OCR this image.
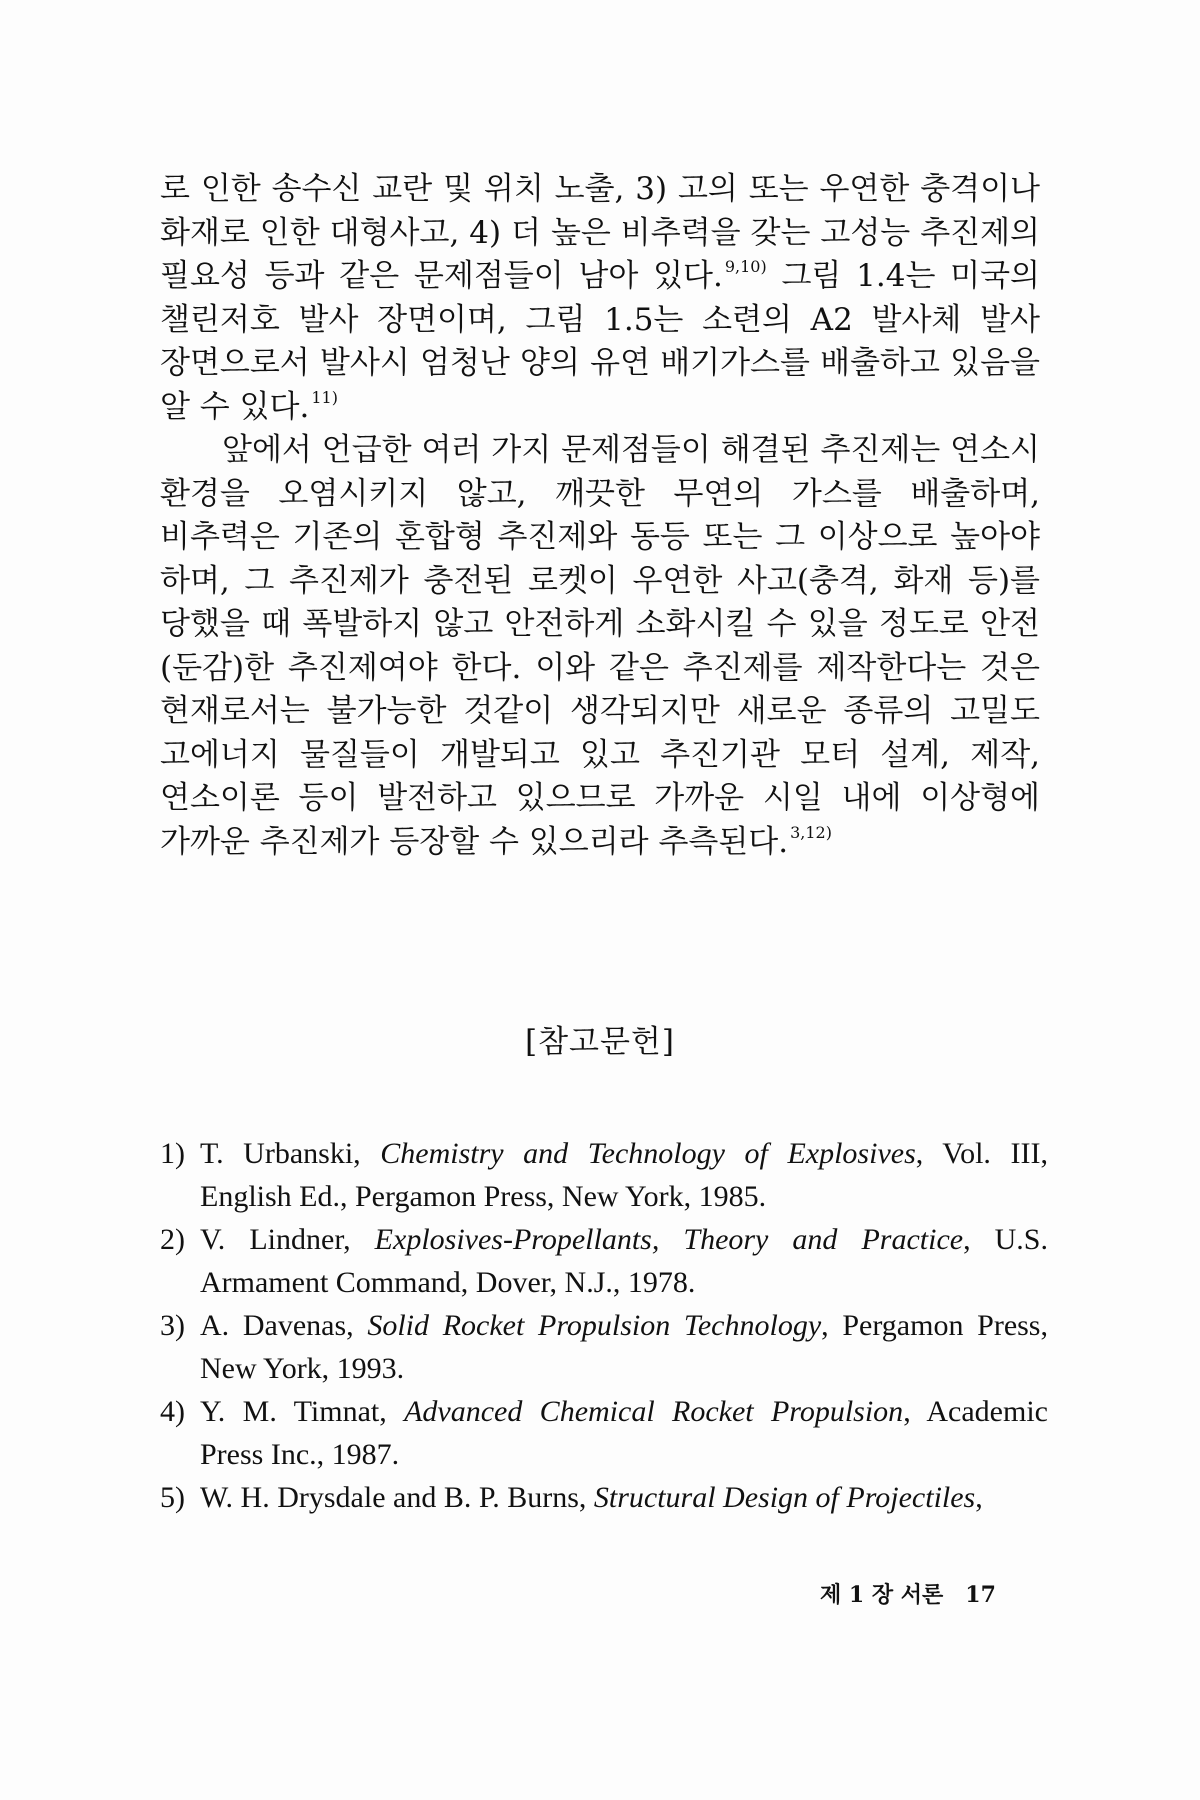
로 인한 송수신 교란 및 위치 노출, 3) 고의 또는 우연한 충격이나 화재로 인한 대형사고, 4) 더 높은 비추력을 갖는 고성능 추진제의 필요성 등과 같은 문제점들이 남아 있다. $^{9,10)}$ 그림 1.4는 미국의 챌린저호 발사 장면이며, 그림 1.5는 소련의 A2 발사체 발사 장면으로서 발사시 엄청난 양의 유연 배기가스를 배출하고 있음을 알 수 있다. $^{11)}$

앞에서 언급한 여러 가지 문제점들이 해결된 추진제는 연소시 환경을 오염시키지 않고, 깨끗한 무연의 가스를 배출하며, 비추력은 기존의 혼합형 추진제와 동등 또는 그 이상으로 높아야 하며, 그 추진제가 충전된 로켓이 우연한 사고(충격, 화재 등)를 당했을 때 폭발하지 않고 안전하게 소화시킬 수 있을 정도로 안전(둔감)한 추진제여야 한다. 이와 같은 추진제를 제작한다는 것은 현재로서는 불가능한 것같이 생각되지만 새로운 종류의 고밀도 고에너지 물질들이 개발되고 있고 추진기관 모터 설계, 제작, 연소이론 등이 발전하고 있으므로 가까운 시일 내에 이상형에 가까운 추진제가 등장할 수 있으리라 추측된다. $^{3,12)}$

[참고문헌]
1) T. Urbanski, Chemistry and Technology of Explosives, Vol. III, English Ed., Pergamon Press, New York, 1985.
2) V. Lindner, Explosives-Propellants, Theory and Practice, U.S. Armament Command, Dover, N.J., 1978.
3) A. Davenas, Solid Rocket Propulsion Technology, Pergamon Press, New York, 1993.
4) Y. M. Timnat, Advanced Chemical Rocket Propulsion, Academic Press Inc., 1987.
5) W. H. Drysdale and B. P. Burns, Structural Design of Projectiles,
제 1 장 서론 17
